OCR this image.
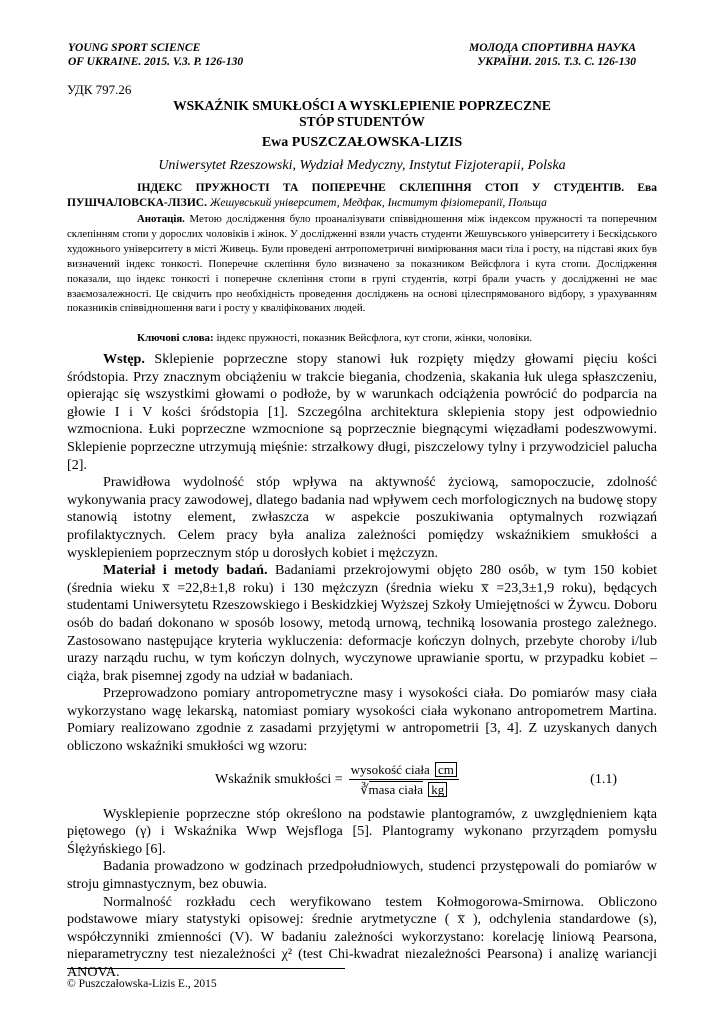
YOUNG SPORT SCIENCE
OF UKRAINE. 2015. V.3. P. 126-130
МОЛОДА СПОРТИВНА НАУКА
УКРАЇНИ. 2015. Т.3. С. 126-130
УДК 797.26
WSKAŹNIK SMUKŁOŚCI A WYSKLEPIENIE POPRZECZNE
STÓP STUDENTÓW
Ewa PUSZCZAŁOWSKA-LIZIS
Uniwersytet Rzeszowski, Wydział Medyczny, Instytut Fizjoterapii, Polska
ІНДЕКС ПРУЖНОСТІ ТА ПОПЕРЕЧНЕ СКЛЕПІННЯ СТОП У СТУДЕНТІВ. Ева ПУШЧАЛОВСКА-ЛІЗИС. Жешувський університет, Медфак, Інститут фізіотерапії, Польща
Анотація. Метою дослідження було проаналізувати співвідношення між індексом пружності та поперечним склепінням стопи у дорослих чоловіків і жінок. У дослідженні взяли участь студенти Жешувського університету і Бескідського художнього університету в місті Живець. Були проведені антропометричні вимірювання маси тіла і росту, на підставі яких був визначений індекс тонкості. Поперечне склепіння було визначено за показником Вейсфлога і кута стопи. Дослідження показали, що індекс тонкості і поперечне склепіння стопи в групі студентів, котрі брали участь у дослідженні не має взаємозалежності. Це свідчить про необхідність проведення досліджень на основі цілеспрямованого відбору, з урахуванням показників співвідношення ваги і росту у кваліфікованих людей.
Ключові слова: індекс пружності, показник Вейсфлога, кут стопи, жінки, чоловіки.

Wstęp. Sklepienie poprzeczne stopy stanowi łuk rozpięty między głowami pięciu kości śródstopia. Przy znacznym obciążeniu w trakcie biegania, chodzenia, skakania łuk ulega spłaszczeniu, opierając się wszystkimi głowami o podłoże, by w warunkach odciążenia powrócić do podparcia na głowie I i V kości śródstopia [1]. Szczególna architektura sklepienia stopy jest odpowiednio wzmocniona. Łuki poprzeczne wzmocnione są poprzecznie biegnącymi więzadłami podeszwowymi. Sklepienie poprzeczne utrzymują mięśnie: strzałkowy długi, piszczelowy tylny i przywodziciel palucha [2].

Prawidłowa wydolność stóp wpływa na aktywność życiową, samopoczucie, zdolność wykonywania pracy zawodowej, dlatego badania nad wpływem cech morfologicznych na budowę stopy stanowią istotny element, zwłaszcza w aspekcie poszukiwania optymalnych rozwiązań profilaktycznych. Celem pracy była analiza zależności pomiędzy wskaźnikiem smukłości a wysklepieniem poprzecznym stóp u dorosłych kobiet i mężczyzn.

Materiał i metody badań. Badaniami przekrojowymi objęto 280 osób, w tym 150 kobiet (średnia wieku x̅ =22,8±1,8 roku) i 130 mężczyzn (średnia wieku x̅ =23,3±1,9 roku), będących studentami Uniwersytetu Rzeszowskiego i Beskidzkiej Wyższej Szkoły Umiejętności w Żywcu. Doboru osób do badań dokonano w sposób losowy, metodą urnową, techniką losowania prostego zależnego. Zastosowano następujące kryteria wykluczenia: deformacje kończyn dolnych, przebyte choroby i/lub urazy narządu ruchu, w tym kończyn dolnych, wyczynowe uprawianie sportu, w przypadku kobiet – ciąża, brak pisemnej zgody na udział w badaniach.

Przeprowadzono pomiary antropometryczne masy i wysokości ciała. Do pomiarów masy ciała wykorzystano wagę lekarską, natomiast pomiary wysokości ciała wykonano antropometrem Martina. Pomiary realizowano zgodnie z zasadami przyjętymi w antropometrii [3, 4]. Z uzyskanych danych obliczono wskaźniki smukłości wg wzoru:

Wskaźnik smukłości = $\frac{\text{wysokość ciała cm}}{\text{∛masa ciała kg}}$	(1.1)

Wysklepienie poprzeczne stóp określono na podstawie plantogramów, z uwzględnieniem kąta piętowego (γ) i Wskaźnika Wwp Wejsfloga [5]. Plantogramy wykonano przyrządem pomysłu Ślężyńskiego [6].

Badania prowadzono w godzinach przedpołudniowych, studenci przystępowali do pomiarów w stroju gimnastycznym, bez obuwia.

Normalność rozkładu cech weryfikowano testem Kołmogorowa-Smirnowa. Obliczono podstawowe miary statystyki opisowej: średnie arytmetyczne ( x̅ ), odchylenia standardowe (s), współczynniki zmienności (V). W badaniu zależności wykorzystano: korelację liniową Pearsona, nieparametryczny test niezależności χ² (test Chi-kwadrat niezależności Pearsona) i analizę wariancji ANOVA.

© Puszczałowska-Lizis E., 2015
